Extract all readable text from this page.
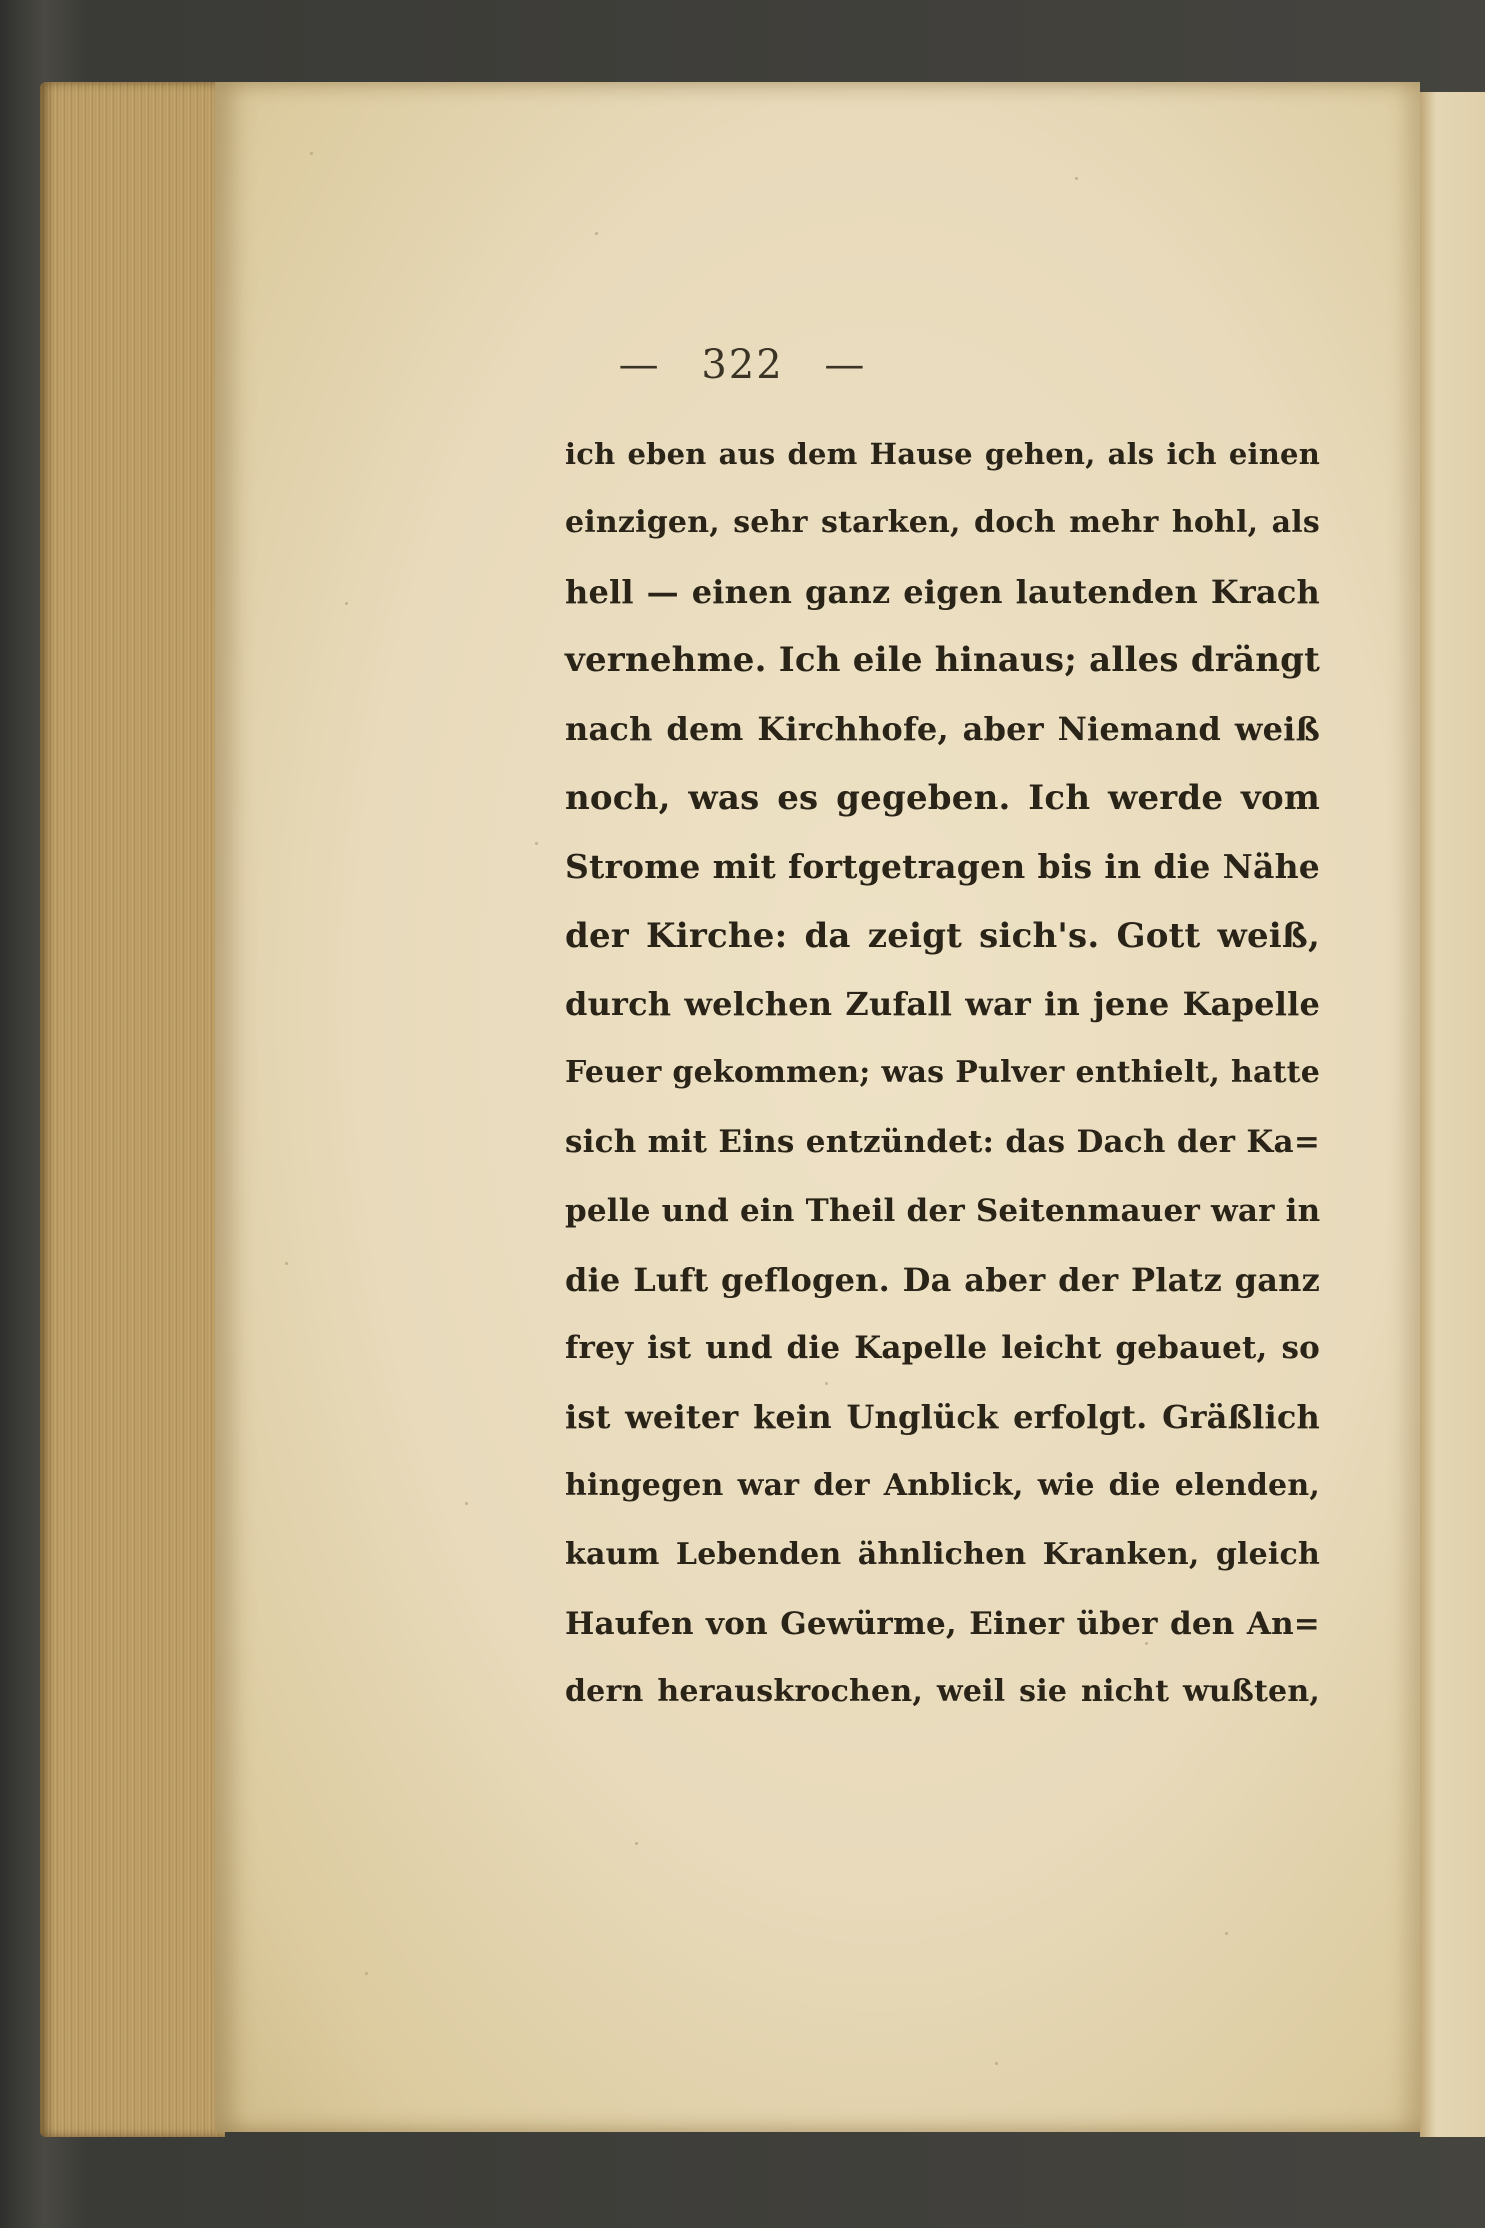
— 322 —
ich eben aus dem Hause gehen, als ich einen
einzigen, sehr starken, doch mehr hohl, als
hell — einen ganz eigen lautenden Krach
vernehme. Ich eile hinaus; alles drängt
nach dem Kirchhofe, aber Niemand weiß
noch, was es gegeben. Ich werde vom
Strome mit fortgetragen bis in die Nähe
der Kirche: da zeigt sich's. Gott weiß,
durch welchen Zufall war in jene Kapelle
Feuer gekommen; was Pulver enthielt, hatte
sich mit Eins entzündet: das Dach der Ka=
pelle und ein Theil der Seitenmauer war in
die Luft geflogen. Da aber der Platz ganz
frey ist und die Kapelle leicht gebauet, so
ist weiter kein Unglück erfolgt. Gräßlich
hingegen war der Anblick, wie die elenden,
kaum Lebenden ähnlichen Kranken, gleich
Haufen von Gewürme, Einer über den An=
dern herauskrochen, weil sie nicht wußten,
